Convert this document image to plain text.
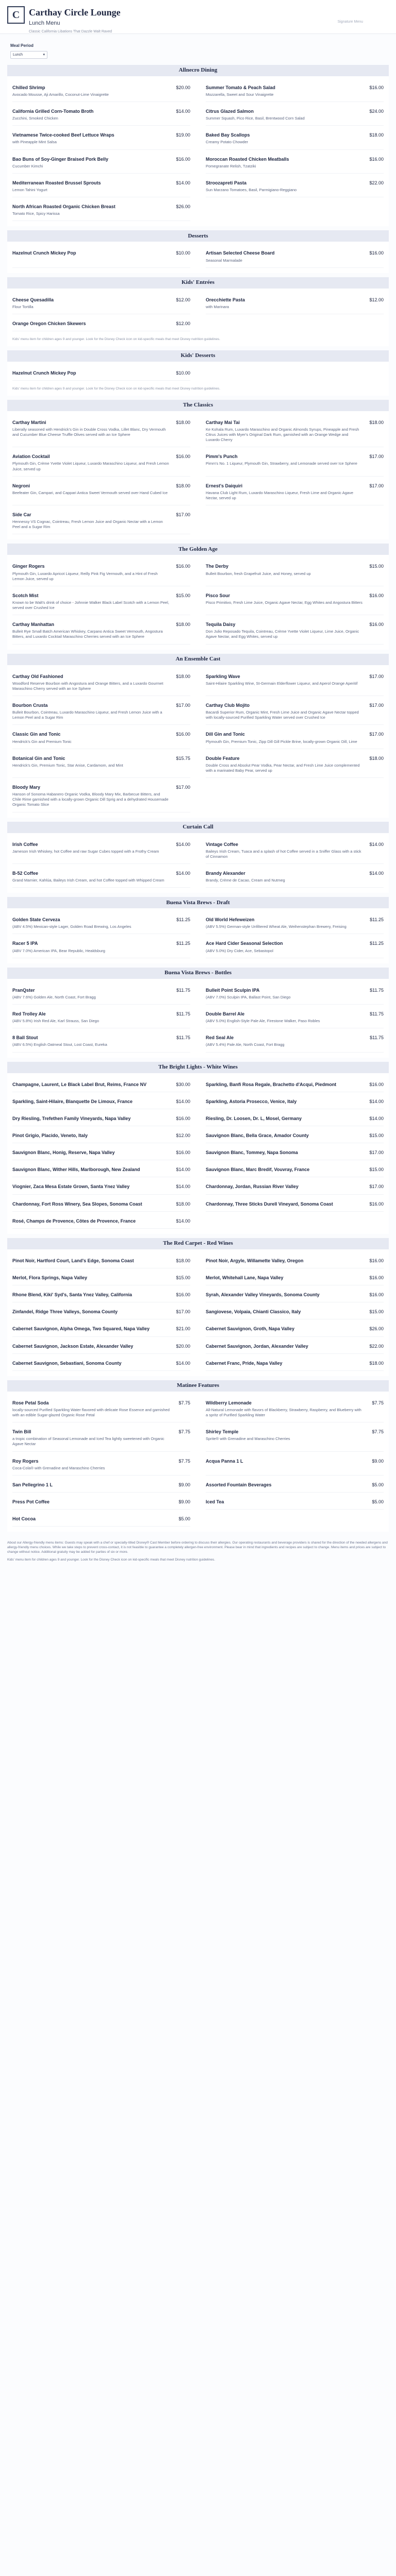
C Carthay Circle Lounge
Lunch Menu
Classic California Libations That Dazzle Walt Raved
Signature Menu
Meal Period
Lunch	▾
Allnecro Dining
Chilled Shrimp	$20.00
Avocado Mousse, Aji Amarillo, Coconut-Lime Vinaigrette
Summer Tomato & Peach Salad	$16.00
Mozzarella, Sweet and Sour Vinaigrette
California Grilled Corn-Tomato Broth	$14.00
Zucchini, Smoked Chicken
Citrus Glazed Salmon	$24.00
Summer Squash, Pico Rice, Basil, Brentwood Corn Salad
Vietnamese Twice-cooked Beef Lettuce Wraps	$19.00
with Pineapple Mint Salsa
Baked Bay Scallops	$18.00
Creamy Potato Chowder
Bao Buns of Soy-Ginger Braised Pork Belly	$16.00
Cucumber Kimchi
Moroccan Roasted Chicken Meatballs	$16.00
Pomegranate Relish, Tzatziki
Mediterranean Roasted Brussel Sprouts	$14.00
Lemon Tahini Yogurt
Stroozapreti Pasta	$22.00
Sun Marzano Tomatoes, Basil, Parmigiano-Reggiano
North African Roasted Organic Chicken Breast	$26.00
Tomato Rice, Spicy Harissa
Desserts
Hazelnut Crunch Mickey Pop	$10.00	Artisan Selected Cheese Board	$16.00
Seasonal Marmalade
Kids' Entrées
Cheese Quesadilla	$12.00
Flour Tortilla
Orecchiette Pasta	$12.00
with Marinara
Orange Oregon Chicken Skewers	$12.00
Kids' menu item for children ages 9 and younger. Look for the Disney Check icon on kid-specific meals that meet Disney nutrition guidelines.
Kids' Desserts
Hazelnut Crunch Mickey Pop	$10.00
Kids' menu item for children ages 9 and younger. Look for the Disney Check icon on kid-specific meals that meet Disney nutrition guidelines.
The Classics
Carthay Martini	$18.00
Liberally seasoned with Hendrick's Gin in Double Cross Vodka, Lillet Blanc, Dry Vermouth and Cucumber Blue Cheese Truffle Olives served with an Ice Sphere
Carthay Mai Tai	$18.00
Ke Kohala Rum, Luxardo Maraschino and Organic Almonds Syrups, Pineapple and Fresh Citrus Juices with Myer's Original Dark Rum, garnished with an Orange Wedge and Luxardo Cherry
Aviation Cocktail	$16.00
Plymouth Gin, Crème Yvette Violet Liqueur, Luxardo Maraschino Liqueur, and Fresh Lemon Juice, served up
Pimm's Punch	$17.00
Pimm's No. 1 Liqueur, Plymouth Gin, Strawberry, and Lemonade served over Ice Sphere
Negroni	$18.00
Beefeater Gin, Campari, and Cappari Antica Sweet Vermouth served over Hand Cubed Ice
Ernest's Daiquiri	$17.00
Havana Club Light Rum, Luxardo Maraschino Liqueur, Fresh Lime and Organic Agave Nectar, served up
Side Car	$17.00
Hennessy VS Cognac, Cointreau, Fresh Lemon Juice and Organic Nectar with a Lemon Peel and a Sugar Rim
The Golden Age
Ginger Rogers	$16.00
Plymouth Gin, Luxardo Apricot Liqueur, Reilly Pink Fig Vermouth, and a Hint of Fresh Lemon Juice, served up
The Derby	$15.00
Bulleit Bourbon, fresh Grapefruit Juice, and Honey, served up
Scotch Mist	$15.00
Known to be Walt's drink of choice - Johnnie Walker Black Label Scotch with a Lemon Peel, served over Crushed Ice
Pisco Sour	$16.00
Pisco Primitivo, Fresh Lime Juice, Organic Agave Nectar, Egg Whites and Angostura Bitters
Carthay Manhattan	$18.00
Bulleit Rye Small Batch American Whiskey, Carpano Antica Sweet Vermouth, Angostura Bitters, and Luxardo Cocktail Maraschino Cherries served with an Ice Sphere
Tequila Daisy	$16.00
Don Julio Reposado Tequila, Cointreau, Crème Yvette Violet Liqueur, Lime Juice, Organic Agave Nectar, and Egg Whites, served up
An Ensemble Cast
Carthay Old Fashioned	$18.00
Woodford Reserve Bourbon with Angostura and Orange Bitters, and a Luxardo Gourmet Maraschino Cherry served with an Ice Sphere
Sparkling Wave	$17.00
Saint-Hilaire Sparkling Wine, St-Germain Elderflower Liqueur, and Aperol Orange Aperitif
Bourbon Crusta	$17.00
Bulleit Bourbon, Cointreau, Luxardo Maraschino Liqueur, and Fresh Lemon Juice with a Lemon Peel and a Sugar Rim
Carthay Club Mojito	$17.00
Bacardi Superior Rum, Organic Mint, Fresh Lime Juice and Organic Agave Nectar topped with locally-sourced Purified Sparkling Water served over Crushed Ice
Classic Gin and Tonic	$16.00
Hendrick's Gin and Premium Tonic
Dill Gin and Tonic	$17.00
Plymouth Gin, Premium Tonic, Zipp Dill Gill Pickle Brine, locally-grown Organic Dill, Lime
Botanical Gin and Tonic	$15.75
Hendrick's Gin, Premium Tonic, Star Anise, Cardamom, and Mint
Double Feature	$18.00
Double Cross and Absolut Pear Vodka, Pear Nectar, and Fresh Lime Juice complemented with a marinated Baby Pear, served up
Bloody Mary	$17.00
Hanson of Sonoma Habanero Organic Vodka, Bloody Mary Mix, Barbecue Bitters, and Chile Rime garnished with a locally-grown Organic Dill Sprig and a dehydrated Housemade Organic Tomato Slice
Curtain Call
Irish Coffee	$14.00
Jameson Irish Whiskey, hot Coffee and raw Sugar Cubes topped with a Frothy Cream
Vintage Coffee	$14.00
Baileys Irish Cream, Tuaca and a splash of hot Coffee served in a Sniffer Glass with a stick of Cinnamon
B-52 Coffee	$14.00
Grand Marnier, Kahlúa, Baileys Irish Cream, and hot Coffee topped with Whipped Cream
Brandy Alexander	$14.00
Brandy, Crème de Cacao, Cream and Nutmeg
Buena Vista Brews - Draft
Golden State Cerveza	$11.25
(ABV 4.5%) Mexican-style Lager, Golden Road Brewing, Los Angeles
Old World Hefeweizen	$11.25
(ABV 5.5%) German-style Unfiltered Wheat Ale, Weihenstephan Brewery, Freising
Racer 5 IPA	$11.25
(ABV 7.0%) American IPA, Bear Republic, Healdsburg
Ace Hard Cider Seasonal Selection	$11.25
(ABV 5.0%) Dry Cider, Ace, Sebastopol
Buena Vista Brews - Bottles
PranQster	$11.75
(ABV 7.6%) Golden Ale, North Coast, Fort Bragg
Bulleit Point Sculpin IPA	$11.75
(ABV 7.0%) Sculpin IPA, Ballast Point, San Diego
Red Trolley Ale	$11.75
(ABV 5.8%) Irish Red Ale, Karl Strauss, San Diego
Double Barrel Ale	$11.75
(ABV 5.0%) English-Style Pale Ale, Firestone Walker, Paso Robles
8 Ball Stout	$11.75
(ABV 6.5%) English Oatmeal Stout, Lost Coast, Eureka
Red Seal Ale	$11.75
(ABV 5.4%) Pale Ale, North Coast, Fort Bragg
The Bright Lights - White Wines
Champagne, Laurent, Le Black Label Brut, Reims, France NV	$30.00	Sparkling, Banfi Rosa Regale, Brachetto d'Acqui, Piedmont	$16.00
Sparkling, Saint-Hilaire, Blanquette De Limoux, France	$14.00	Sparkling, Astoria Prosecco, Venice, Italy	$14.00
Dry Riesling, Trefethen Family Vineyards, Napa Valley	$16.00	Riesling, Dr. Loosen, Dr. L, Mosel, Germany	$14.00
Pinot Grigio, Placido, Veneto, Italy	$12.00	Sauvignon Blanc, Bella Grace, Amador County	$15.00
Sauvignon Blanc, Honig, Reserve, Napa Valley	$16.00	Sauvignon Blanc, Tommey, Napa Sonoma	$17.00
Sauvignon Blanc, Wither Hills, Marlborough, New Zealand	$14.00	Sauvignon Blanc, Marc Bredif, Vouvray, France	$15.00
Viognier, Zaca Mesa Estate Grown, Santa Ynez Valley	$14.00	Chardonnay, Jordan, Russian River Valley	$17.00
Chardonnay, Fort Ross Winery, Sea Slopes, Sonoma Coast	$18.00	Chardonnay, Three Sticks Durell Vineyard, Sonoma Coast	$16.00
Rosé, Champs de Provence, Côtes de Provence, France	$14.00
The Red Carpet - Red Wines
Pinot Noir, Hartford Court, Land's Edge, Sonoma Coast	$18.00	Pinot Noir, Argyle, Willamette Valley, Oregon	$16.00
Merlot, Flora Springs, Napa Valley	$15.00	Merlot, Whitehall Lane, Napa Valley	$16.00
Rhone Blend, Kiki' Syd's, Santa Ynez Valley, California	$16.00	Syrah, Alexander Valley Vineyards, Sonoma County	$16.00
Zinfandel, Ridge Three Valleys, Sonoma County	$17.00	Sangiovese, Volpaia, Chianti Classico, Italy	$15.00
Cabernet Sauvignon, Alpha Omega, Two Squared, Napa Valley	$21.00	Cabernet Sauvignon, Groth, Napa Valley	$26.00
Cabernet Sauvignon, Jackson Estate, Alexander Valley	$20.00	Cabernet Sauvignon, Jordan, Alexander Valley	$22.00
Cabernet Sauvignon, Sebastiani, Sonoma County	$14.00	Cabernet Franc, Pride, Napa Valley	$18.00
Matinee Features
Rose Petal Soda	$7.75
locally-sourced Purified Sparkling Water flavored with delicate Rose Essence and garnished with an edible Sugar-glazed Organic Rose Petal
Wildberry Lemonade	$7.75
All-Natural Lemonade with flavors of Blackberry, Strawberry, Raspberry, and Blueberry with a spritz of Purified Sparkling Water
Twin Bill	$7.75
a tropic combination of Seasonal Lemonade and Iced Tea lightly sweetened with Organic Agave Nectar
Shirley Temple	$7.75
Sprite® with Grenadine and Maraschino Cherries
Roy Rogers	$7.75
Coca-Cola® with Grenadine and Maraschino Cherries
Acqua Panna 1 L	$9.00
San Pellegrino 1 L	$9.00	Assorted Fountain Beverages	$5.00
Press Pot Coffee	$9.00	Iced Tea	$5.00
Hot Cocoa	$5.00

About our Allergy-friendly menu items: Guests may speak with a chef or specially-titled Disney® Cast Member before ordering to discuss their allergies. Our operating restaurants and beverage providers is shared for the direction of the needed allergens and allergy-friendly menu choices. While we take steps to prevent cross-contact, it is not feasible to guarantee a completely allergen-free environment. Please bear in mind that ingredients and recipes are subject to change. Menu items and prices are subject to change without notice. Additional gratuity may be added for parties of six or more.

Kids' menu item for children ages 9 and younger. Look for the Disney Check icon on kid-specific meals that meet Disney nutrition guidelines.
